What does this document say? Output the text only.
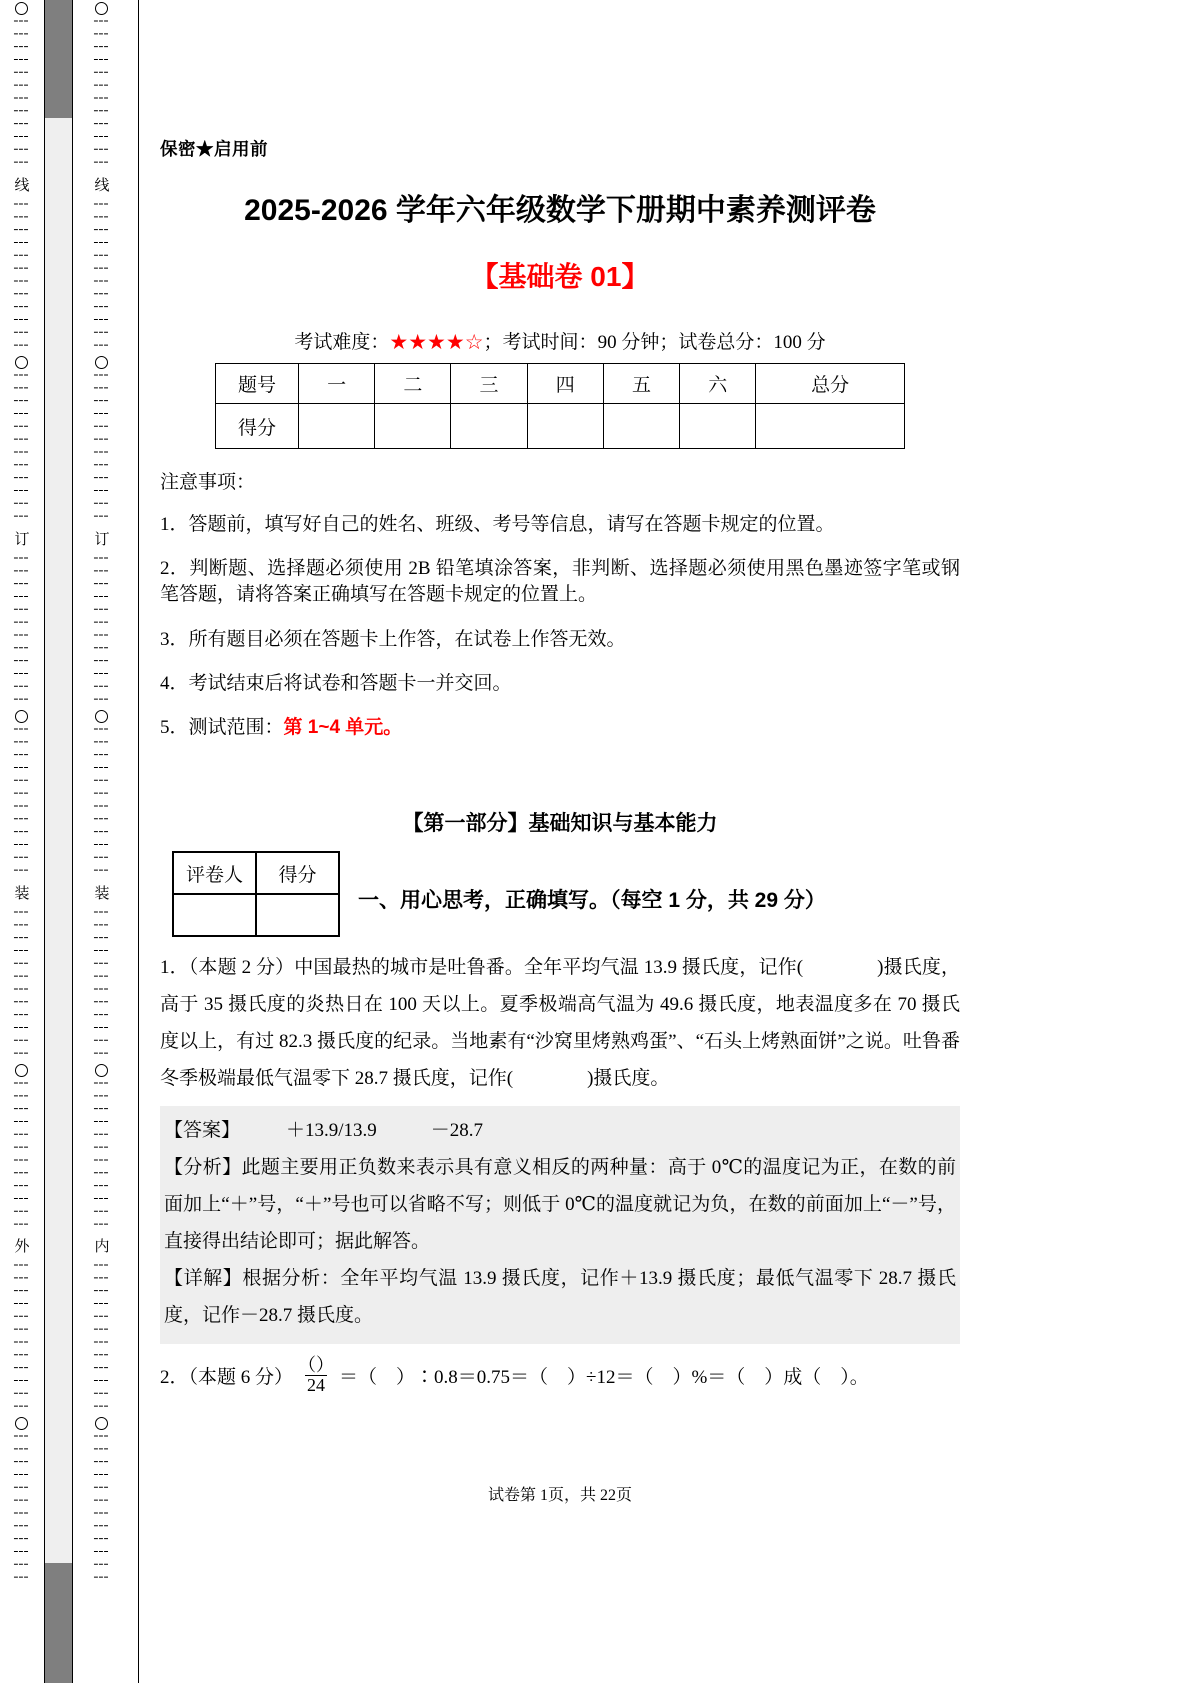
┆┆┆┆┆┆┆┆┆┆┆┆
线
┆┆┆┆┆┆┆┆┆┆┆┆
┆┆┆┆┆┆┆┆┆┆┆┆
订
┆┆┆┆┆┆┆┆┆┆┆┆
┆┆┆┆┆┆┆┆┆┆┆┆
装
┆┆┆┆┆┆┆┆┆┆┆┆
┆┆┆┆┆┆┆┆┆┆┆┆
外
┆┆┆┆┆┆┆┆┆┆┆┆
┆┆┆┆┆┆┆┆┆┆┆┆
┆┆┆┆┆┆┆┆┆┆┆┆
线
┆┆┆┆┆┆┆┆┆┆┆┆
┆┆┆┆┆┆┆┆┆┆┆┆
订
┆┆┆┆┆┆┆┆┆┆┆┆
┆┆┆┆┆┆┆┆┆┆┆┆
装
┆┆┆┆┆┆┆┆┆┆┆┆
┆┆┆┆┆┆┆┆┆┆┆┆
内
┆┆┆┆┆┆┆┆┆┆┆┆
┆┆┆┆┆┆┆┆┆┆┆┆
保密★启用前
2025-2026 学年六年级数学下册期中素养测评卷
【基础卷 01】
考试难度：★★★★☆；考试时间：90 分钟；试卷总分：100 分
题号	一	二	三	四	五	六	总分
得分							
注意事项：

1．答题前，填写好自己的姓名、班级、考号等信息，请写在答题卡规定的位置。

2．判断题、选择题必须使用 2B 铅笔填涂答案，非判断、选择题必须使用黑色墨迹签字笔或钢笔答题，请将答案正确填写在答题卡规定的位置上。

3．所有题目必须在答题卡上作答，在试卷上作答无效。

4．考试结束后将试卷和答题卡一并交回。

5．测试范围：第 1~4 单元。

【第一部分】基础知识与基本能力
评卷人	得分

一、用心思考，正确填写。（每空 1 分，共 29 分）

1．（本题 2 分）中国最热的城市是吐鲁番。全年平均气温 13.9 摄氏度，记作(	)摄氏度，高于 35 摄氏度的炎热日在 100 天以上。夏季极端高气温为 49.6 摄氏度，地表温度多在 70 摄氏度以上，有过 82.3 摄氏度的纪录。当地素有“沙窝里烤熟鸡蛋”、“石头上烤熟面饼”之说。吐鲁番冬季极端最低气温零下 28.7 摄氏度，记作(	)摄氏度。

【答案】 ＋13.9/13.9	－28.7

【分析】此题主要用正负数来表示具有意义相反的两种量：高于 0℃的温度记为正，在数的前面加上“＋”号，“＋”号也可以省略不写；则低于 0℃的温度就记为负，在数的前面加上“－”号，直接得出结论即可；据此解答。

【详解】根据分析：全年平均气温 13.9 摄氏度，记作＋13.9 摄氏度；最低气温零下 28.7 摄氏度，记作－28.7 摄氏度。

2．（本题 6 分） $\frac{()}{24}$ ＝（　）∶0.8＝0.75＝（　）÷12＝（　）%＝（　）成（　）。
试卷第 1页，共 22页
